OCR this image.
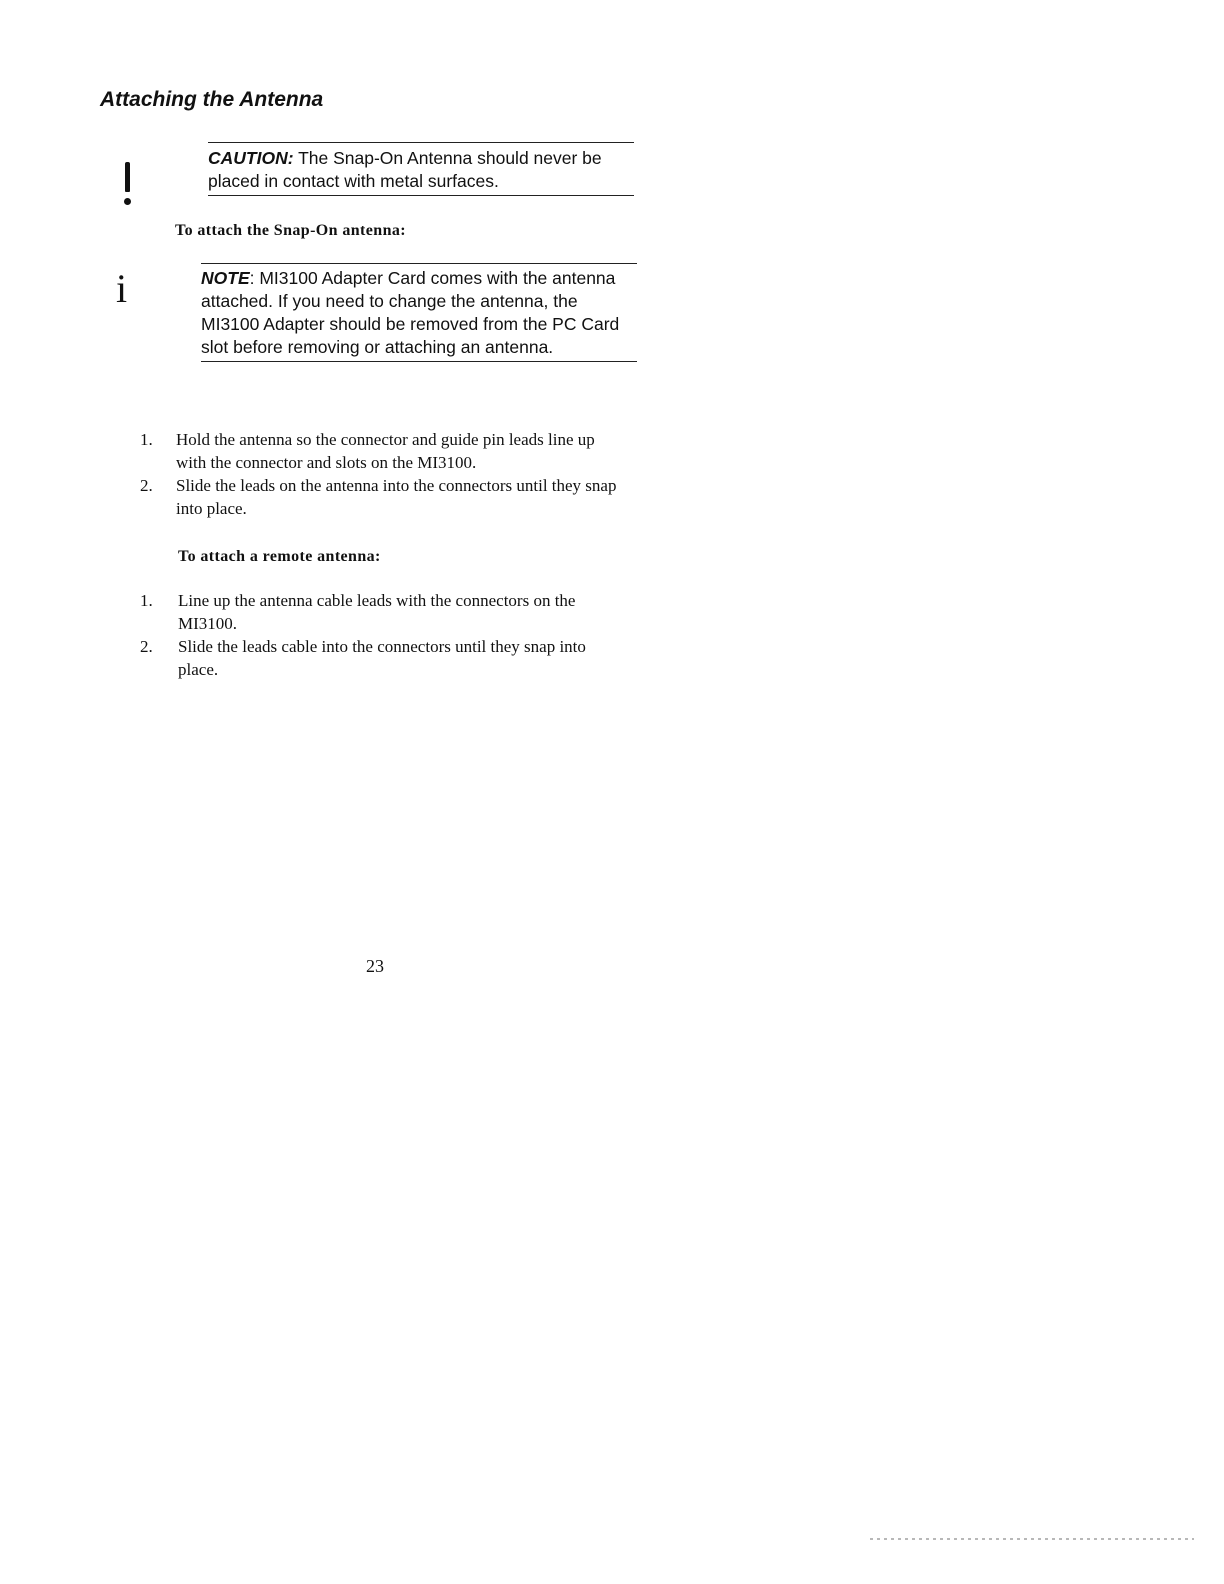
Attaching the Antenna
CAUTION: The Snap-On Antenna should never be placed in contact with metal surfaces.
To attach the Snap-On antenna:
i	NOTE: MI3100 Adapter Card comes with the antenna attached. If you need to change the antenna, the MI3100 Adapter should be removed from the PC Card slot before removing or attaching an antenna.
1. Hold the antenna so the connector and guide pin leads line up with the connector and slots on the MI3100.
2. Slide the leads on the antenna into the connectors until they snap into place.
To attach a remote antenna:
1. Line up the antenna cable leads with the connectors on the MI3100.
2. Slide the leads cable into the connectors until they snap into place.
23
